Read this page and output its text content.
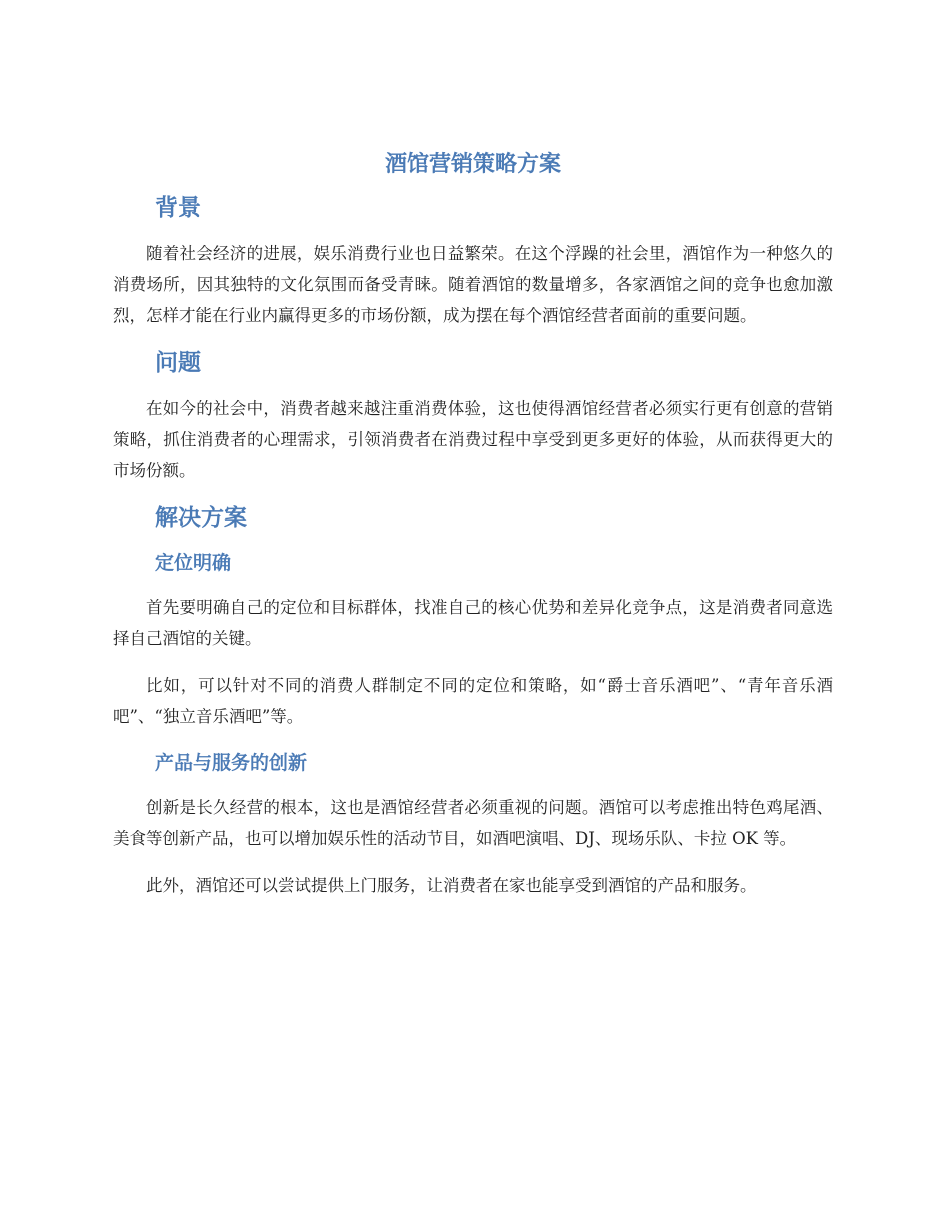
酒馆营销策略方案
背景

随着社会经济的进展，娱乐消费行业也日益繁荣。在这个浮躁的社会里，酒馆作为一种悠久的消费场所，因其独特的文化氛围而备受青睐。随着酒馆的数量增多，各家酒馆之间的竞争也愈加激烈，怎样才能在行业内赢得更多的市场份额，成为摆在每个酒馆经营者面前的重要问题。

问题

在如今的社会中，消费者越来越注重消费体验，这也使得酒馆经营者必须实行更有创意的营销策略，抓住消费者的心理需求，引领消费者在消费过程中享受到更多更好的体验，从而获得更大的市场份额。

解决方案
定位明确

首先要明确自己的定位和目标群体，找准自己的核心优势和差异化竞争点，这是消费者同意选择自己酒馆的关键。

比如，可以针对不同的消费人群制定不同的定位和策略，如“爵士音乐酒吧”、“青年音乐酒吧”、“独立音乐酒吧”等。

产品与服务的创新

创新是长久经营的根本，这也是酒馆经营者必须重视的问题。酒馆可以考虑推出特色鸡尾酒、美食等创新产品，也可以增加娱乐性的活动节目，如酒吧演唱、DJ、现场乐队、卡拉 OK 等。

此外，酒馆还可以尝试提供上门服务，让消费者在家也能享受到酒馆的产品和服务。
